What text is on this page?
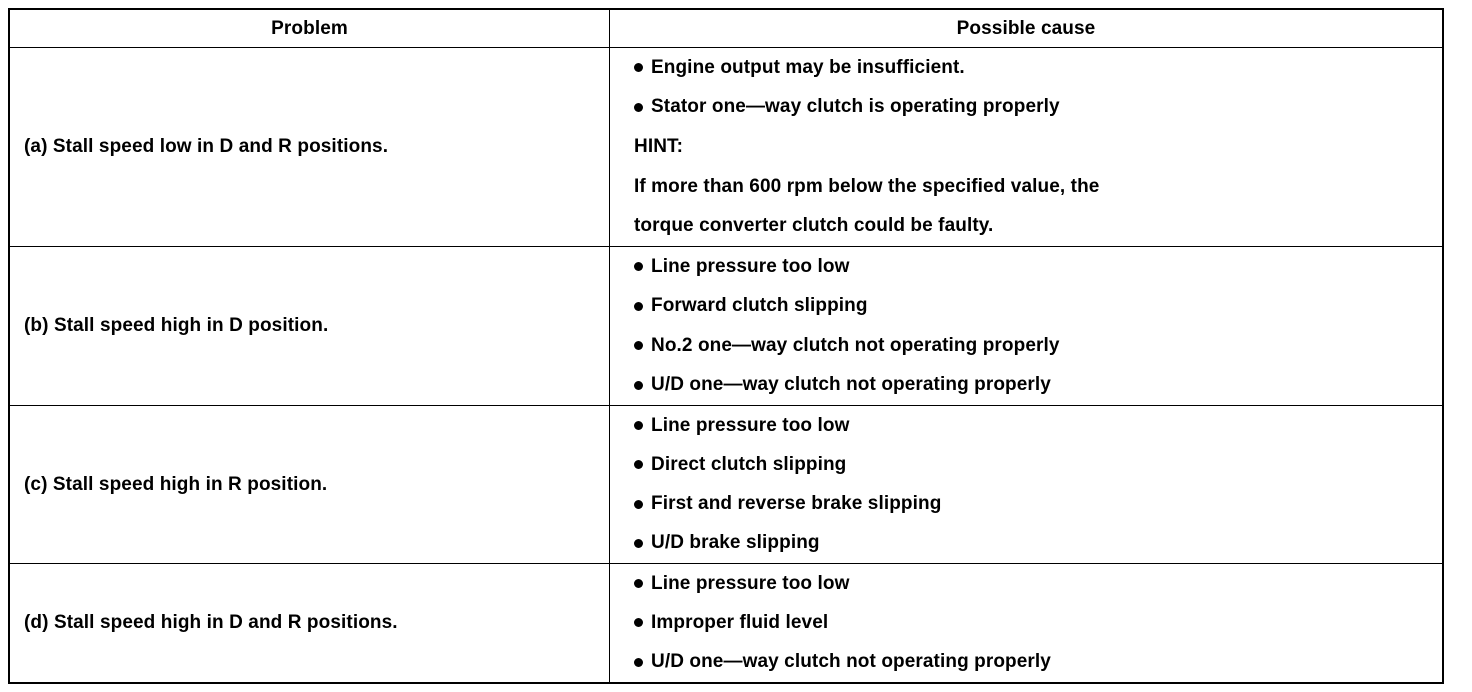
Problem	Possible cause
(a) Stall speed low in D and R positions.
Engine output may be insufficient.
Stator one—way clutch is operating properly
HINT:
If more than 600 rpm below the specified value, the
torque converter clutch could be faulty.
(b) Stall speed high in D position.
Line pressure too low
Forward clutch slipping
No.2 one—way clutch not operating properly
U/D one—way clutch not operating properly
(c) Stall speed high in R position.
Line pressure too low
Direct clutch slipping
First and reverse brake slipping
U/D brake slipping
(d) Stall speed high in D and R positions.
Line pressure too low
Improper fluid level
U/D one—way clutch not operating properly
